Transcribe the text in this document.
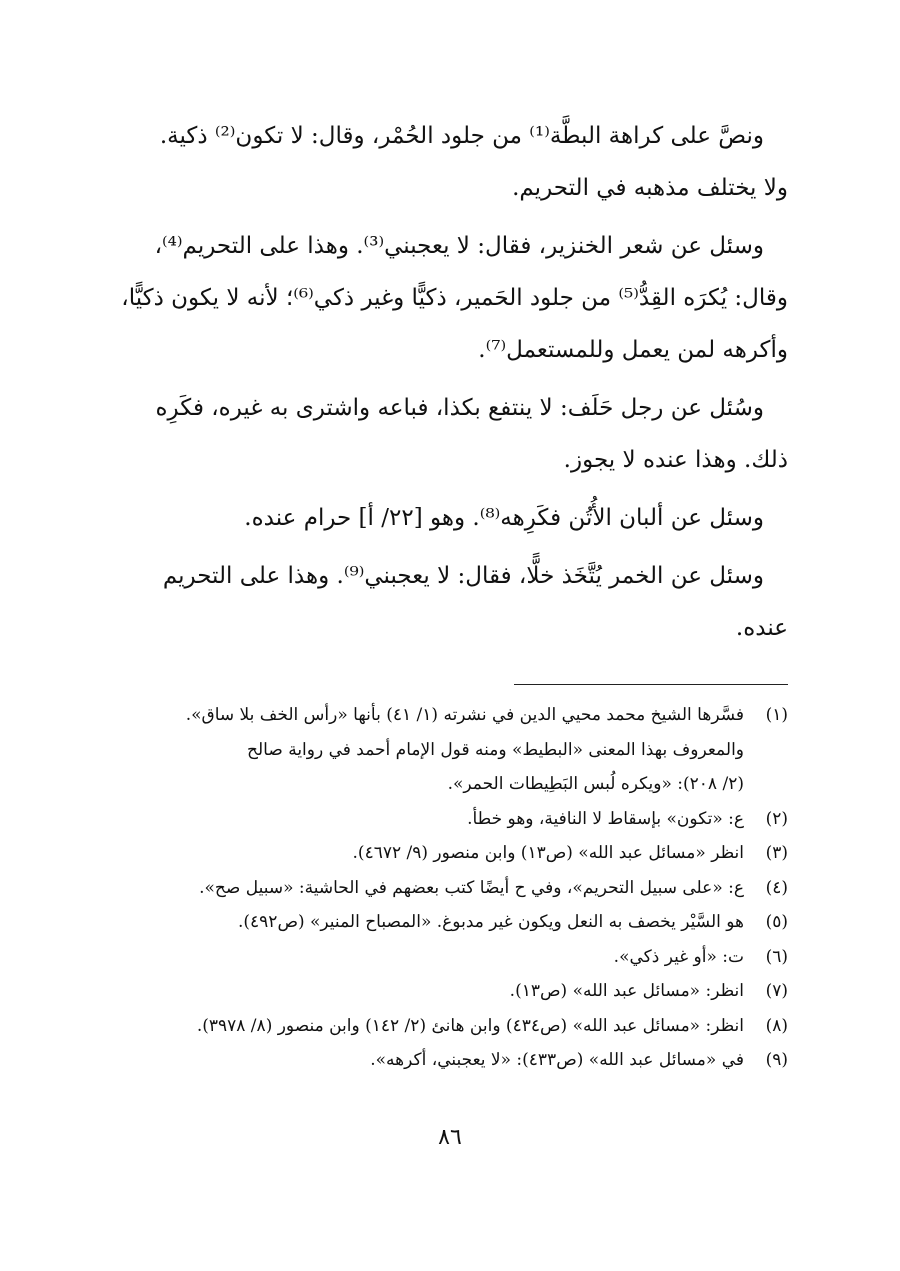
ونصَّ على كراهة البطَّة⁽¹⁾ من جلود الحُمْر، وقال: لا تكون⁽²⁾ ذكية.
ولا يختلف مذهبه في التحريم.

وسئل عن شعر الخنزير، فقال: لا يعجبني⁽³⁾. وهذا على التحريم⁽⁴⁾،
وقال: يُكرَه القِدُّ⁽⁵⁾ من جلود الحَمير، ذكيًّا وغير ذكي⁽⁶⁾؛ لأنه لا يكون ذكيًّا،
وأكرهه لمن يعمل وللمستعمل⁽⁷⁾.

وسُئل عن رجل حَلَف: لا ينتفع بكذا، فباعه واشترى به غيره، فكَرِه
ذلك. وهذا عنده لا يجوز.

وسئل عن ألبان الأُتُن فكَرِهه⁽⁸⁾. وهو [٢٢/ أ] حرام عنده.

وسئل عن الخمر يُتَّخَذ خلًّا، فقال: لا يعجبني⁽⁹⁾. وهذا على التحريم
عنده.

(١)
فسَّرها الشيخ محمد محيي الدين في نشرته (١/ ٤١) بأنها «رأس الخف بلا ساق».
والمعروف بهذا المعنى «البطيط» ومنه قول الإمام أحمد في رواية صالح
(٢/ ٢٠٨): «ويكره لُبس البَطِيطات الحمر».
(٢)
ع: «تكون» بإسقاط لا النافية، وهو خطأ.
(٣)
انظر «مسائل عبد الله» (ص١٣) وابن منصور (٩/ ٤٦٧٢).
(٤)
ع: «على سبيل التحريم»، وفي ح أيضًا كتب بعضهم في الحاشية: «سبيل صح».
(٥)
هو السَّيْر يخصف به النعل ويكون غير مدبوغ. «المصباح المنير» (ص٤٩٢).
(٦)
ت: «أو غير ذكي».
(٧)
انظر: «مسائل عبد الله» (ص١٣).
(٨)
انظر: «مسائل عبد الله» (ص٤٣٤) وابن هانئ (٢/ ١٤٢) وابن منصور (٨/ ٣٩٧٨).
(٩)
في «مسائل عبد الله» (ص٤٣٣): «لا يعجبني، أكرهه».
٨٦
